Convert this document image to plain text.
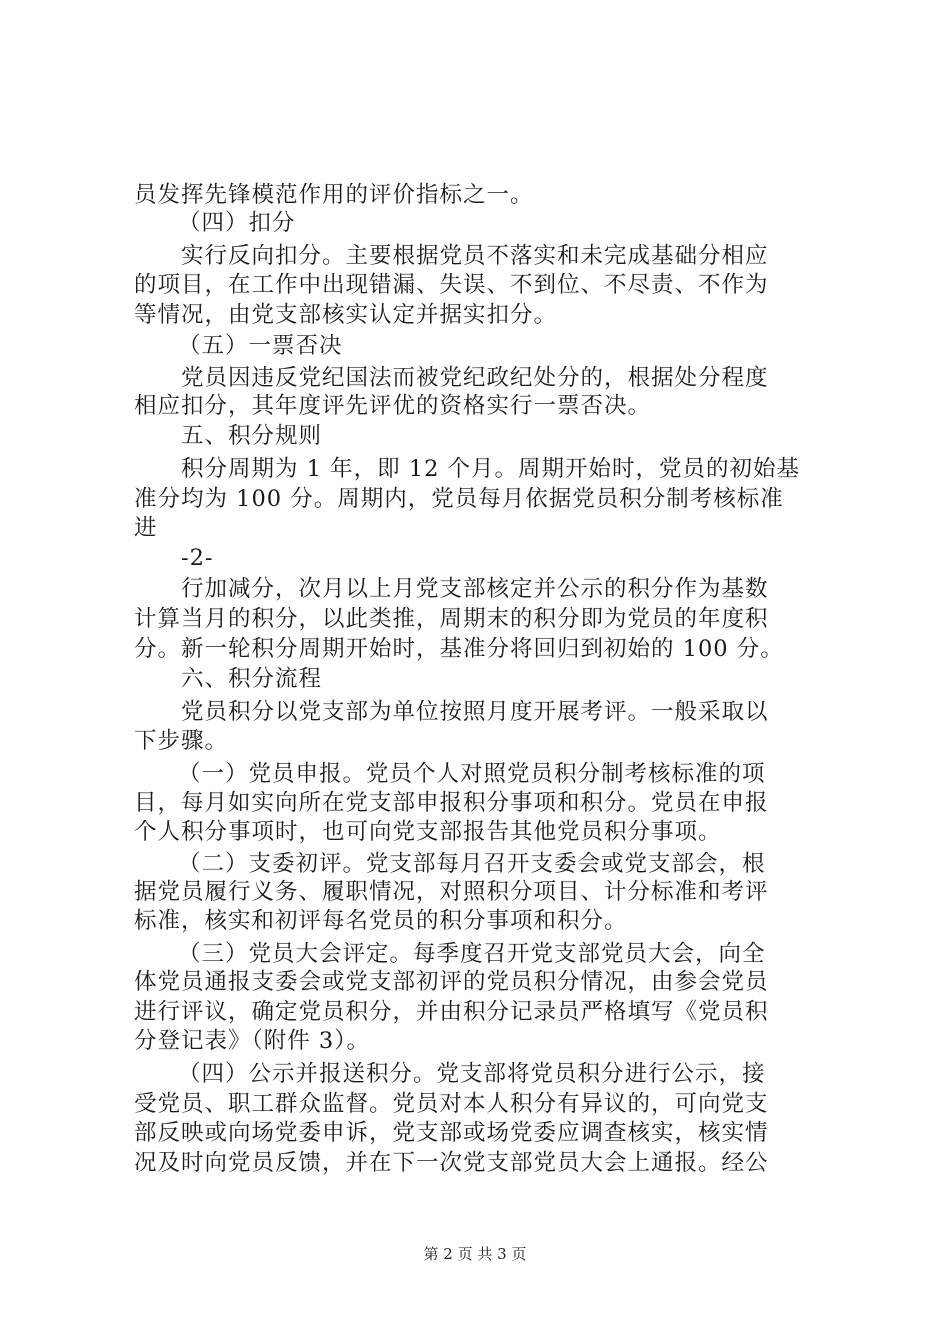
员发挥先锋模范作用的评价指标之一。
（四）扣分
实行反向扣分。主要根据党员不落实和未完成基础分相应
的项目，在工作中出现错漏、失误、不到位、不尽责、不作为
等情况，由党支部核实认定并据实扣分。
（五）一票否决
党员因违反党纪国法而被党纪政纪处分的，根据处分程度
相应扣分，其年度评先评优的资格实行一票否决。
五、积分规则
积分周期为 1 年，即 12 个月。周期开始时，党员的初始基
准分均为 100 分。周期内，党员每月依据党员积分制考核标准
进
-2-
行加减分，次月以上月党支部核定并公示的积分作为基数
计算当月的积分，以此类推，周期末的积分即为党员的年度积
分。新一轮积分周期开始时，基准分将回归到初始的 100 分。
六、积分流程
党员积分以党支部为单位按照月度开展考评。一般采取以
下步骤。
（一）党员申报。党员个人对照党员积分制考核标准的项
目，每月如实向所在党支部申报积分事项和积分。党员在申报
个人积分事项时，也可向党支部报告其他党员积分事项。
（二）支委初评。党支部每月召开支委会或党支部会，根
据党员履行义务、履职情况，对照积分项目、计分标准和考评
标准，核实和初评每名党员的积分事项和积分。
（三）党员大会评定。每季度召开党支部党员大会，向全
体党员通报支委会或党支部初评的党员积分情况，由参会党员
进行评议，确定党员积分，并由积分记录员严格填写《党员积
分登记表》（附件 3）。
（四）公示并报送积分。党支部将党员积分进行公示，接
受党员、职工群众监督。党员对本人积分有异议的，可向党支
部反映或向场党委申诉，党支部或场党委应调查核实，核实情
况及时向党员反馈，并在下一次党支部党员大会上通报。经公
第 2 页 共 3 页
